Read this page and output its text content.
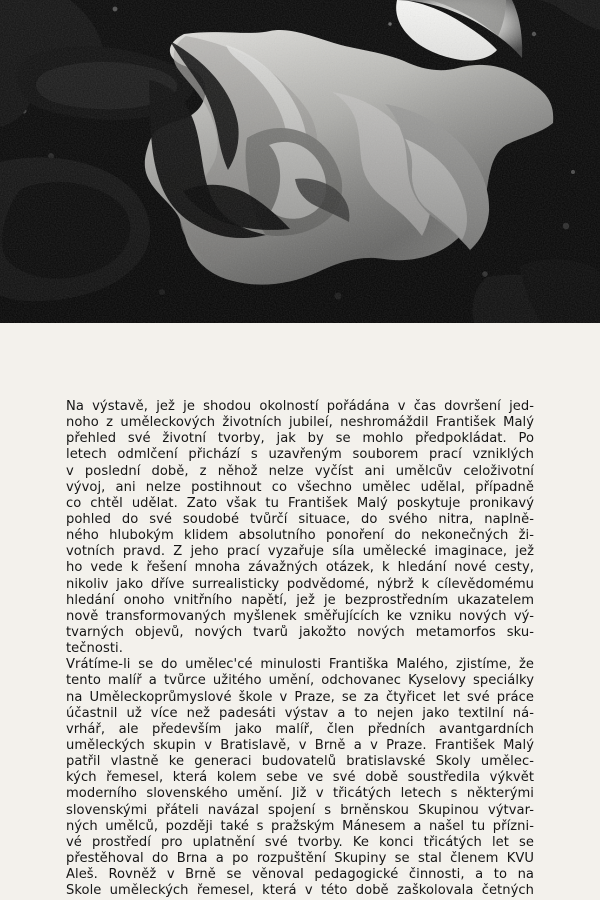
Na výstavě, jež je shodou okolností pořádána v čas dovršení jed-
noho z uměleckových životních jubileí, neshromáždil František Malý
přehled své životní tvorby, jak by se mohlo předpokládat. Po
letech odmlčení přichází s uzavřeným souborem prací vzniklých
v poslední době, z něhož nelze vyčíst ani umělcův celoživotní
vývoj, ani nelze postihnout co všechno umělec udělal, případně
co chtěl udělat. Zato však tu František Malý poskytuje pronikavý
pohled do své soudobé tvůrčí situace, do svého nitra, naplně-
ného hlubokým klidem absolutního ponoření do nekonečných ži-
votních pravd. Z jeho prací vyzařuje síla umělecké imaginace, jež
ho vede k řešení mnoha závažných otázek, k hledání nové cesty,
nikoliv jako dříve surrealisticky podvědomé, nýbrž k cílevědomému
hledání onoho vnitřního napětí, jež je bezprostředním ukazatelem
nově transformovaných myšlenek směřujících ke vzniku nových vý-
tvarných objevů, nových tvarů jakožto nových metamorfos sku-
tečnosti.
Vrátíme-li se do umělec'cé minulosti Františka Malého, zjistíme, že
tento malíř a tvůrce užitého umění, odchovanec Kyselovy speciálky
na Uměleckoprůmyslové škole v Praze, se za čtyřicet let své práce
účastnil už více než padesáti výstav a to nejen jako textilní ná-
vrhář, ale především jako malíř, člen předních avantgardních
uměleckých skupin v Bratislavě, v Brně a v Praze. František Malý
patřil vlastně ke generaci budovatelů bratislavské Školy umělec-
kých řemesel, která kolem sebe ve své době soustředila výkvět
moderního slovenského umění. Již v třicátých letech s některými
slovenskými přáteli navázal spojení s brněnskou Skupinou výtvar-
ných umělců, později také s pražským Mánesem a našel tu přízni-
vé prostředí pro uplatnění své tvorby. Ke konci třicátých let se
přestěhoval do Brna a po rozpuštění Skupiny se stal členem KVU
Aleš. Rovněž v Brně se věnoval pedagogické činnosti, a to na
Škole uměleckých řemesel, která v této době zaškolovala četných
